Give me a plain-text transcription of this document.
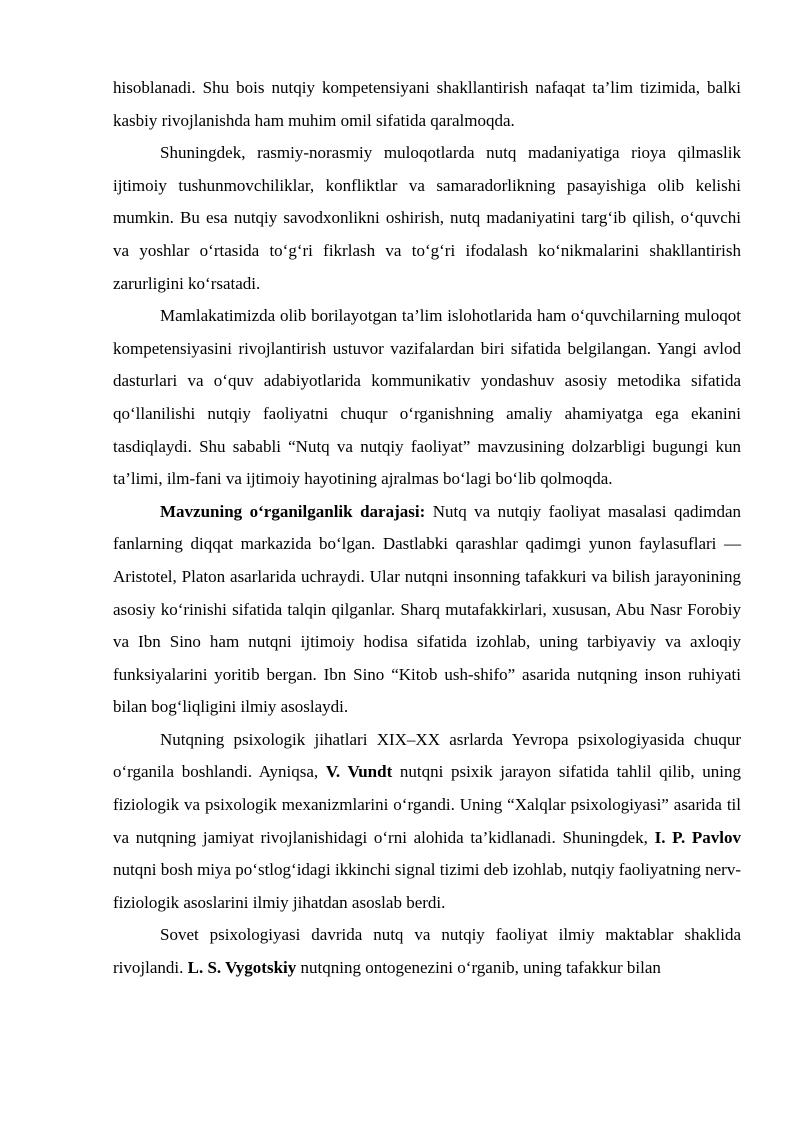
hisoblanadi. Shu bois nutqiy kompetensiyani shakllantirish nafaqat ta’lim tizimida, balki kasbiy rivojlanishda ham muhim omil sifatida qaralmoqda.

Shuningdek, rasmiy-norasmiy muloqotlarda nutq madaniyatiga rioya qilmaslik ijtimoiy tushunmovchiliklar, konfliktlar va samaradorlikning pasayishiga olib kelishi mumkin. Bu esa nutqiy savodxonlikni oshirish, nutq madaniyatini targ‘ib qilish, o‘quvchi va yoshlar o‘rtasida to‘g‘ri fikrlash va to‘g‘ri ifodalash ko‘nikmalarini shakllantirish zarurligini ko‘rsatadi.

Mamlakatimizda olib borilayotgan ta’lim islohotlarida ham o‘quvchilarning muloqot kompetensiyasini rivojlantirish ustuvor vazifalardan biri sifatida belgilangan. Yangi avlod dasturlari va o‘quv adabiyotlarida kommunikativ yondashuv asosiy metodika sifatida qo‘llanilishi nutqiy faoliyatni chuqur o‘rganishning amaliy ahamiyatga ega ekanini tasdiqlaydi. Shu sababli “Nutq va nutqiy faoliyat” mavzusining dolzarbligi bugungi kun ta’limi, ilm-fani va ijtimoiy hayotining ajralmas bo‘lagi bo‘lib qolmoqda.

Mavzuning o‘rganilganlik darajasi: Nutq va nutqiy faoliyat masalasi qadimdan fanlarning diqqat markazida bo‘lgan. Dastlabki qarashlar qadimgi yunon faylasuflari — Aristotel, Platon asarlarida uchraydi. Ular nutqni insonning tafakkuri va bilish jarayonining asosiy ko‘rinishi sifatida talqin qilganlar. Sharq mutafakkirlari, xususan, Abu Nasr Forobiy va Ibn Sino ham nutqni ijtimoiy hodisa sifatida izohlab, uning tarbiyaviy va axloqiy funksiyalarini yoritib bergan. Ibn Sino “Kitob ush-shifo” asarida nutqning inson ruhiyati bilan bog‘liqligini ilmiy asoslaydi.

Nutqning psixologik jihatlari XIX–XX asrlarda Yevropa psixologiyasida chuqur o‘rganila boshlandi. Ayniqsa, V. Vundt nutqni psixik jarayon sifatida tahlil qilib, uning fiziologik va psixologik mexanizmlarini o‘rgandi. Uning “Xalqlar psixologiyasi” asarida til va nutqning jamiyat rivojlanishidagi o‘rni alohida ta’kidlanadi. Shuningdek, I. P. Pavlov nutqni bosh miya po‘stlog‘idagi ikkinchi signal tizimi deb izohlab, nutqiy faoliyatning nerv-fiziologik asoslarini ilmiy jihatdan asoslab berdi.

Sovet psixologiyasi davrida nutq va nutqiy faoliyat ilmiy maktablar shaklida rivojlandi. L. S. Vygotskiy nutqning ontogenezini o‘rganib, uning tafakkur bilan
